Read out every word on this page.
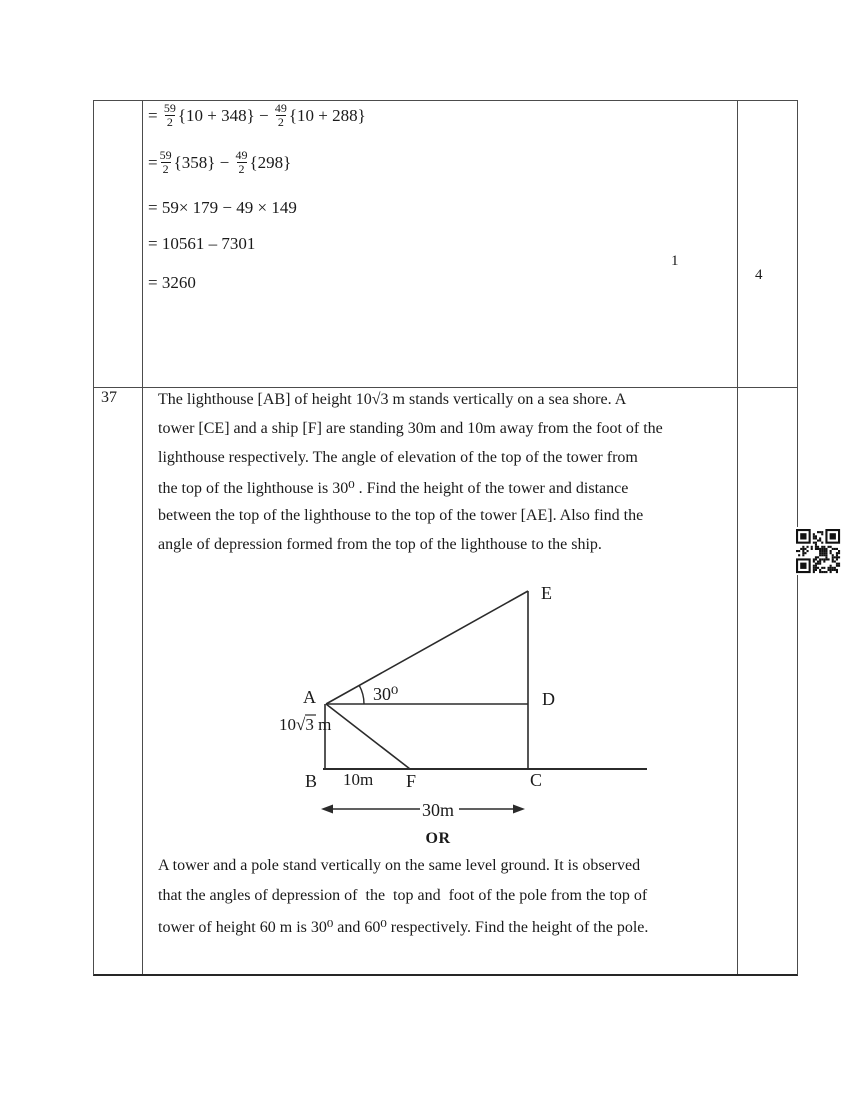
= $\frac{59}{2} \{10 + 348\} - \frac{49}{2} \{10 + 288\}$
= $\frac{59}{2} \{358\} - \frac{49}{2} \{298\}$
= 59× 179 − 49 × 149
= 10561 – 7301
= 3260
1
4
37	The lighthouse [AB] of height 10√3 m stands vertically on a sea shore. A
tower [CE] and a ship [F] are standing 30m and 10m away from the foot of the
lighthouse respectively. The angle of elevation of the top of the tower from
the top of the lighthouse is 30⁰ . Find the height of the tower and distance
between the top of the lighthouse to the top of the tower [AE]. Also find the
angle of depression formed from the top of the lighthouse to the ship.
E
A	30⁰	D
10√3 m
B 10m F	C
30m
OR
A tower and a pole stand vertically on the same level ground. It is observed
that the angles of depression of  the  top and  foot of the pole from the top of
tower of height 60 m is 30⁰ and 60⁰ respectively. Find the height of the pole.
